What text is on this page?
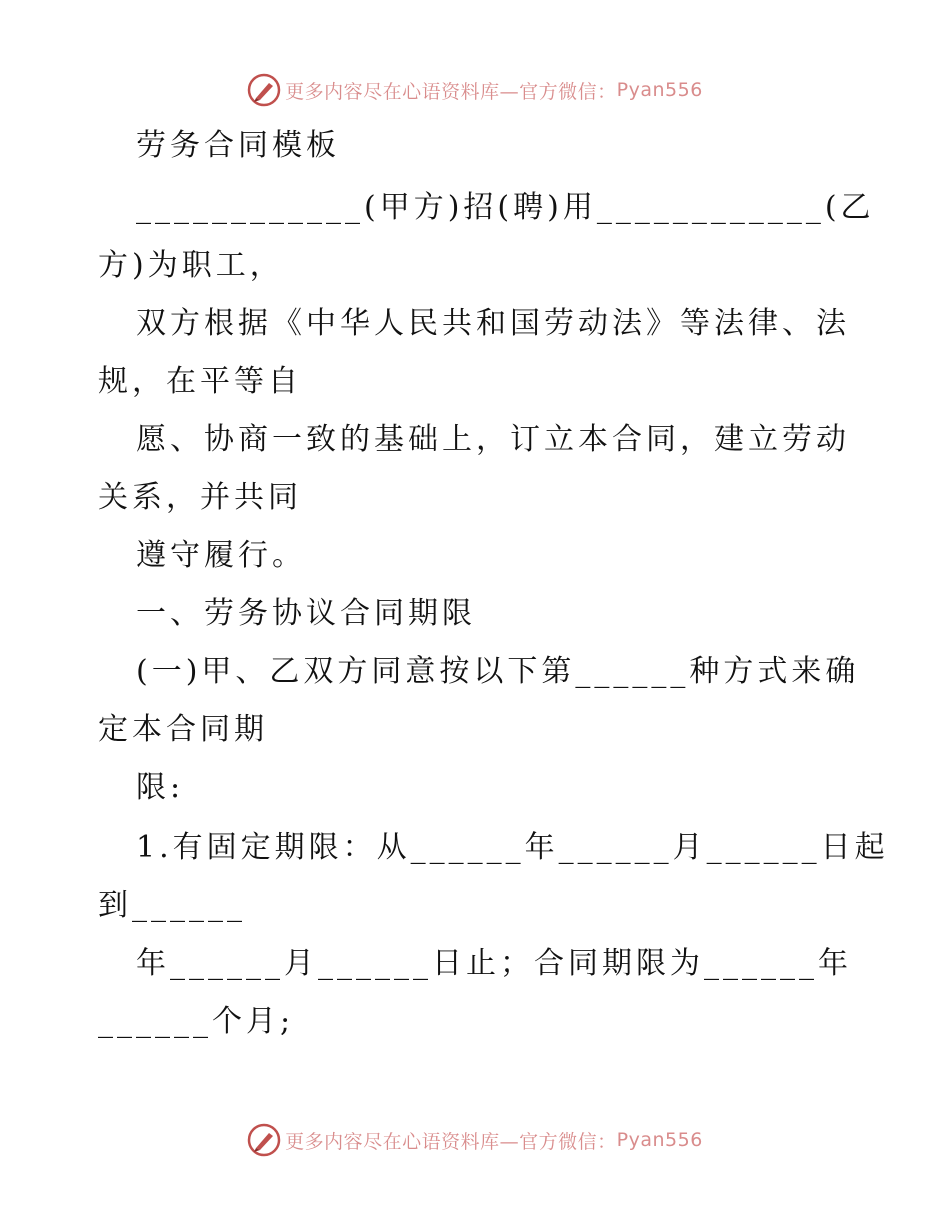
更多内容尽在心语资料库—官方微信： Pyan556
劳务合同模板
____________(甲方)招(聘)用____________(乙
方)为职工，
双方根据《中华人民共和国劳动法》等法律、法
规，在平等自
愿、协商一致的基础上，订立本合同，建立劳动
关系，并共同
遵守履行。
一、劳务协议合同期限
(一)甲、乙双方同意按以下第______种方式来确
定本合同期
限:
1.有固定期限：从______年______月______日起
到______
年______月______日止；合同期限为______年
______个月;
更多内容尽在心语资料库—官方微信： Pyan556
